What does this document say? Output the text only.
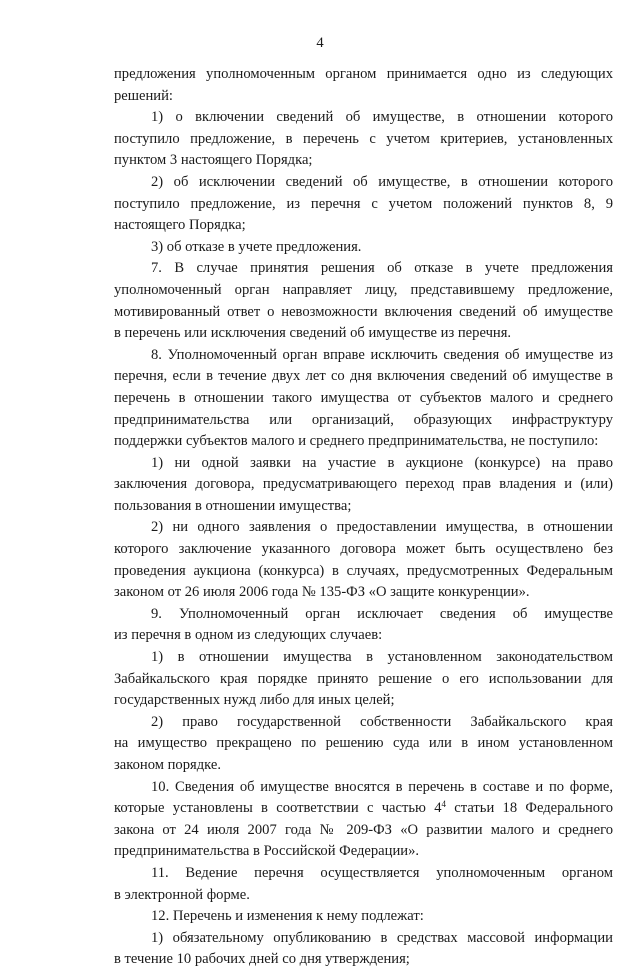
4
предложения уполномоченным органом принимается одно из следующих
решений:
1) о включении сведений об имуществе, в отношении которого
поступило предложение, в перечень с учетом критериев, установленных
пунктом 3 настоящего Порядка;
2) об исключении сведений об имуществе, в отношении которого
поступило предложение, из перечня с учетом положений пунктов 8, 9
настоящего Порядка;
3) об отказе в учете предложения.
7. В случае принятия решения об отказе в учете предложения
уполномоченный орган направляет лицу, представившему предложение,
мотивированный ответ о невозможности включения сведений об имуществе
в перечень или исключения сведений об имуществе из перечня.
8. Уполномоченный орган вправе исключить сведения об имуществе из
перечня, если в течение двух лет со дня включения сведений об имуществе в
перечень в отношении такого имущества от субъектов малого и среднего
предпринимательства или организаций, образующих инфраструктуру
поддержки субъектов малого и среднего предпринимательства, не поступило:
1) ни одной заявки на участие в аукционе (конкурсе) на право
заключения договора, предусматривающего переход прав владения и (или)
пользования в отношении имущества;
2) ни одного заявления о предоставлении имущества, в отношении
которого заключение указанного договора может быть осуществлено без
проведения аукциона (конкурса) в случаях, предусмотренных Федеральным
законом от 26 июля 2006 года № 135-ФЗ «О защите конкуренции».
9. Уполномоченный орган исключает сведения об имуществе
из перечня в одном из следующих случаев:
1) в отношении имущества в установленном законодательством
Забайкальского края порядке принято решение о его использовании для
государственных нужд либо для иных целей;
2) право государственной собственности Забайкальского края
на имущество прекращено по решению суда или в ином установленном
законом порядке.
10. Сведения об имуществе вносятся в перечень в составе и по форме,
которые установлены в соответствии с частью $4^4$ статьи 18 Федерального
закона от 24 июля 2007 года № 209-ФЗ «О развитии малого и среднего
предпринимательства в Российской Федерации».
11. Ведение перечня осуществляется уполномоченным органом
в электронной форме.
12. Перечень и изменения к нему подлежат:
1) обязательному опубликованию в средствах массовой информации
в течение 10 рабочих дней со дня утверждения;
